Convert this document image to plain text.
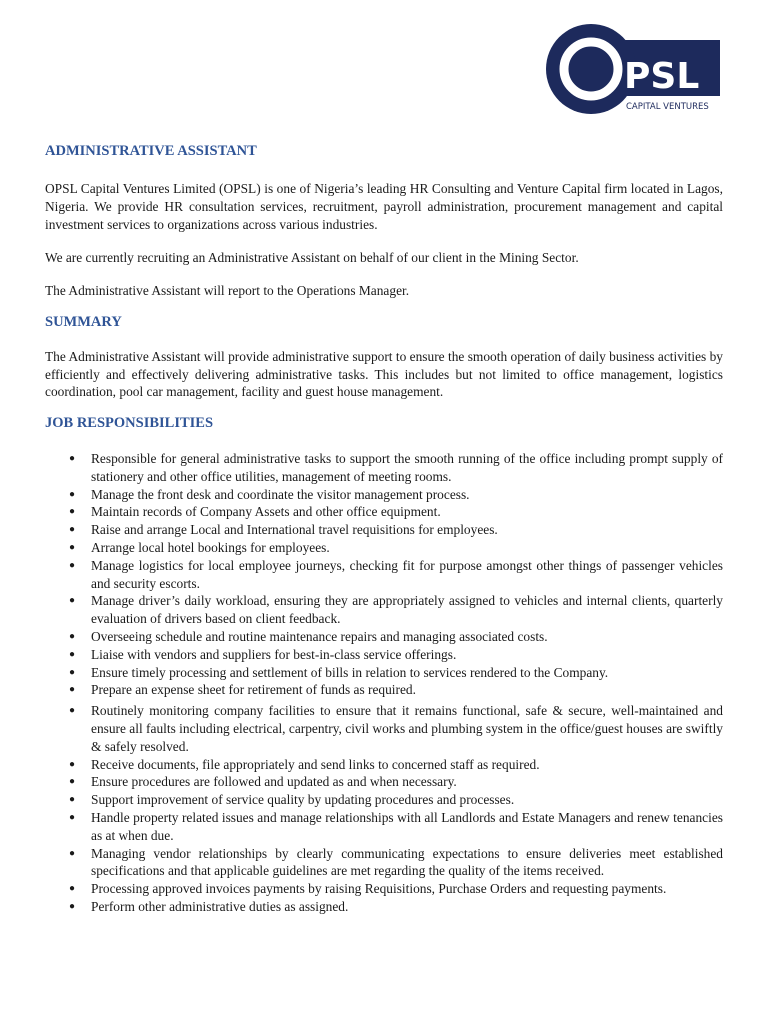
PSL
CAPITAL VENTURES
ADMINISTRATIVE ASSISTANT

OPSL Capital Ventures Limited (OPSL) is one of Nigeria’s leading HR Consulting and Venture Capital firm located in Lagos, Nigeria. We provide HR consultation services, recruitment, payroll administration, procurement management and capital investment services to organizations across various industries.

We are currently recruiting an Administrative Assistant on behalf of our client in the Mining Sector.

The Administrative Assistant will report to the Operations Manager.

SUMMARY

The Administrative Assistant will provide administrative support to ensure the smooth operation of daily business activities by efficiently and effectively delivering administrative tasks. This includes but not limited to office management, logistics coordination, pool car management, facility and guest house management.

JOB RESPONSIBILITIES
● Responsible for general administrative tasks to support the smooth running of the office including prompt supply of stationery and other office utilities, management of meeting rooms.
● Manage the front desk and coordinate the visitor management process.
● Maintain records of Company Assets and other office equipment.
● Raise and arrange Local and International travel requisitions for employees.
● Arrange local hotel bookings for employees.
● Manage logistics for local employee journeys, checking fit for purpose amongst other things of passenger vehicles and security escorts.
● Manage driver’s daily workload, ensuring they are appropriately assigned to vehicles and internal clients, quarterly evaluation of drivers based on client feedback.
● Overseeing schedule and routine maintenance repairs and managing associated costs.
● Liaise with vendors and suppliers for best-in-class service offerings.
● Ensure timely processing and settlement of bills in relation to services rendered to the Company.
● Prepare an expense sheet for retirement of funds as required.
● Routinely monitoring company facilities to ensure that it remains functional, safe & secure, well-maintained and ensure all faults including electrical, carpentry, civil works and plumbing system in the office/guest houses are swiftly & safely resolved.
● Receive documents, file appropriately and send links to concerned staff as required.
● Ensure procedures are followed and updated as and when necessary.
● Support improvement of service quality by updating procedures and processes.
● Handle property related issues and manage relationships with all Landlords and Estate Managers and renew tenancies as at when due.
● Managing vendor relationships by clearly communicating expectations to ensure deliveries meet established specifications and that applicable guidelines are met regarding the quality of the items received.
● Processing approved invoices payments by raising Requisitions, Purchase Orders and requesting payments.
● Perform other administrative duties as assigned.
